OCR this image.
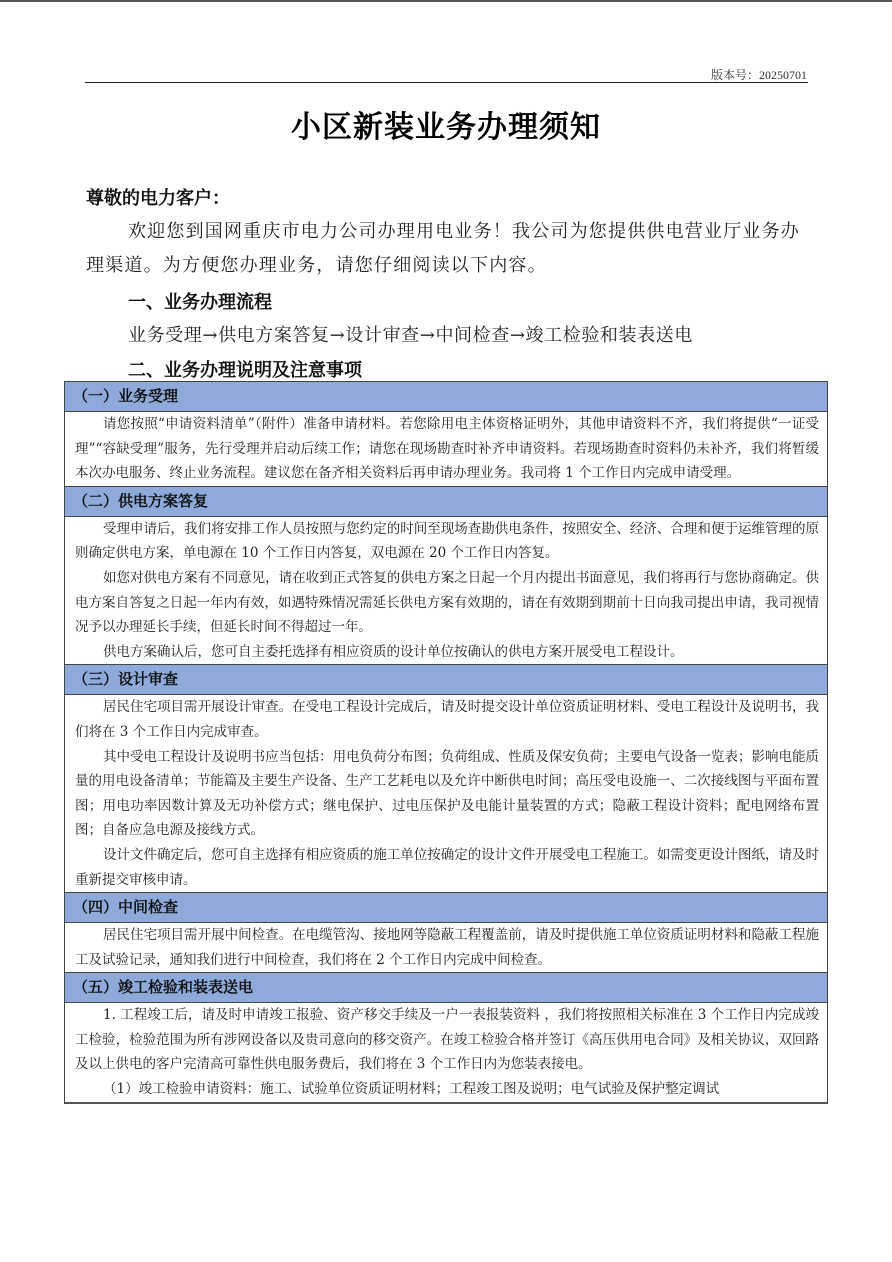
版本号：20250701
小区新装业务办理须知
尊敬的电力客户：
欢迎您到国网重庆市电力公司办理用电业务！我公司为您提供供电营业厅业务办理渠道。为方便您办理业务，请您仔细阅读以下内容。
一、业务办理流程
业务受理→供电方案答复→设计审查→中间检查→竣工检验和装表送电
二、业务办理说明及注意事项
（一）业务受理

请您按照“申请资料清单”（附件）准备申请材料。若您除用电主体资格证明外，其他申请资料不齐，我们将提供“一证受理”“容缺受理”服务，先行受理并启动后续工作；请您在现场勘查时补齐申请资料。若现场勘查时资料仍未补齐，我们将暂缓本次办电服务、终止业务流程。建议您在备齐相关资料后再申请办理业务。我司将 1 个工作日内完成申请受理。

（二）供电方案答复

受理申请后，我们将安排工作人员按照与您约定的时间至现场查勘供电条件，按照安全、经济、合理和便于运维管理的原则确定供电方案，单电源在 10 个工作日内答复，双电源在 20 个工作日内答复。

如您对供电方案有不同意见，请在收到正式答复的供电方案之日起一个月内提出书面意见，我们将再行与您协商确定。供电方案自答复之日起一年内有效，如遇特殊情况需延长供电方案有效期的，请在有效期到期前十日向我司提出申请，我司视情况予以办理延长手续，但延长时间不得超过一年。

供电方案确认后，您可自主委托选择有相应资质的设计单位按确认的供电方案开展受电工程设计。

（三）设计审查

居民住宅项目需开展设计审查。在受电工程设计完成后，请及时提交设计单位资质证明材料、受电工程设计及说明书，我们将在 3 个工作日内完成审查。

其中受电工程设计及说明书应当包括：用电负荷分布图；负荷组成、性质及保安负荷；主要电气设备一览表；影响电能质量的用电设备清单；节能篇及主要生产设备、生产工艺耗电以及允许中断供电时间；高压受电设施一、二次接线图与平面布置图；用电功率因数计算及无功补偿方式；继电保护、过电压保护及电能计量装置的方式；隐蔽工程设计资料；配电网络布置图；自备应急电源及接线方式。

设计文件确定后，您可自主选择有相应资质的施工单位按确定的设计文件开展受电工程施工。如需变更设计图纸，请及时重新提交审核申请。

（四）中间检查

居民住宅项目需开展中间检查。在电缆管沟、接地网等隐蔽工程覆盖前，请及时提供施工单位资质证明材料和隐蔽工程施工及试验记录，通知我们进行中间检查，我们将在 2 个工作日内完成中间检查。

（五）竣工检验和装表送电

1. 工程竣工后，请及时申请竣工报验、资产移交手续及一户一表报装资料 ，我们将按照相关标准在 3 个工作日内完成竣工检验，检验范围为所有涉网设备以及贵司意向的移交资产。在竣工检验合格并签订《高压供用电合同》及相关协议，双回路及以上供电的客户完清高可靠性供电服务费后，我们将在 3 个工作日内为您装表接电。

（1）竣工检验申请资料：施工、试验单位资质证明材料；工程竣工图及说明；电气试验及保护整定调试
